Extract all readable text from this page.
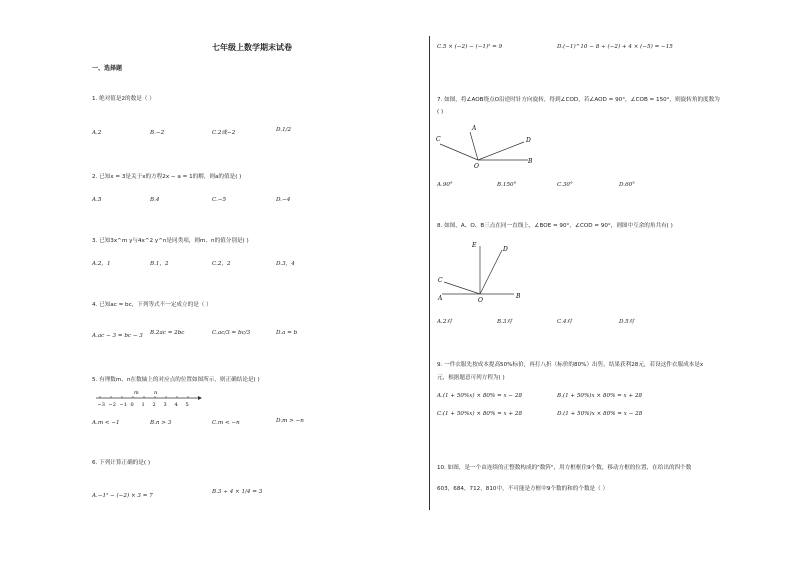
七年级上数学期末试卷
一、选择题
1. 绝对值是2的数是（ ）
A.2	B.−2	C.2或−2	D.1/2
2. 已知x = 3是关于x的方程2x − a = 1的解，则a的值是( )
A.5	B.4	C.−5	D.−4
3. 已知3x^m y与4x^2 y^n是同类项，则m、n的值分别是( )
A.2，1	B.1，2	C.2，2	D.3，4
4. 已知ac = bc，下列等式不一定成立的是（ ）
A.ac − 3 = bc − 3 B.2ac = 2bc	C.ac/3 = bc/3	D.a = b
5. 有理数m、n在数轴上的对应点的位置如图所示，则正确结论是( )
−3 −2 −1 0 1 2 3 4 5
m	n
A.m < −1	B.n > 3	C.m < −n	D.m > −n
6. 下列计算正确的是( )
A.−1² − (−2) × 3 = 7
B.3 ÷ 4 × 1/4 = 3
C.5 × (−2) − (−1)² = 9	D.(−1)^10 − 8 ÷ (−2) + 4 × (−5) = −15
7. 如图，将∠AOB绕点O沿逆时针方向旋转，得到∠COD，若∠AOD = 90°，∠COB = 150°，则旋转角的度数为
( )
A
C	D
O
B
A.90°	B.150°	C.30°	D.60°
8. 如图，A、O、B三点在同一直线上，∠BOE = 90°，∠COD = 90°，则图中互余的角共有( )
E
D
C
A	O
B
A.2对	B.3对	C.4对	D.5对
9. 一件衣服先按成本提高50%标价，再打八折（标价的80%）出售，结果获利28元，若设这件衣服成本是x
元，根据题意可列方程为( )
A.(1 + 50%x) × 80% = x − 28	B.(1 + 50%)x × 80% = x + 28
C.(1 + 50%x) × 80% = x + 28	D.(1 + 50%)x × 80% = x − 28
10. 如图，是一个由连续的正整数构成的"数阵"，用方框框住9个数，移动方框的位置，在给出的四个数
603，684，712，810中，不可能是方框中9个数的和的个数是（ ）
